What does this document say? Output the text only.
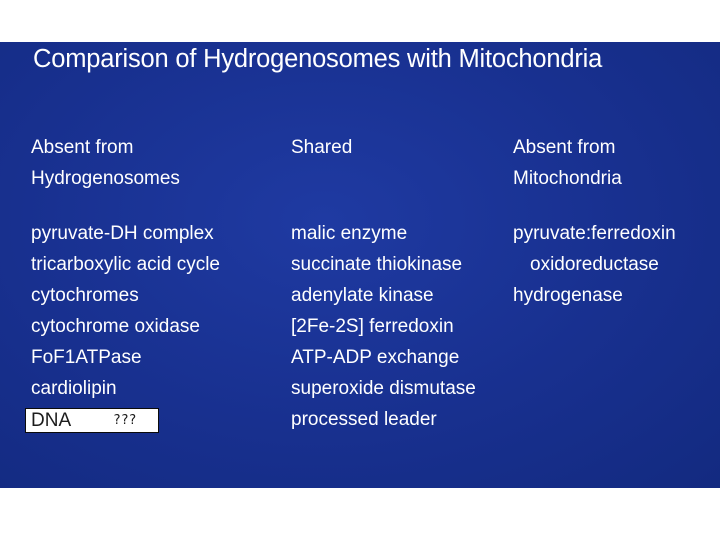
Comparison of Hydrogenosomes with Mitochondria
Absent from
Hydrogenosomes
pyruvate-DH complex
tricarboxylic acid cycle
cytochromes
cytochrome oxidase
FoF1ATPase
cardiolipin
Shared
malic enzyme
succinate thiokinase
adenylate kinase
[2Fe-2S] ferredoxin
ATP-ADP exchange
superoxide dismutase
processed leader
Absent from
Mitochondria
pyruvate:ferredoxin
oxidoreductase
hydrogenase
DNA	???
